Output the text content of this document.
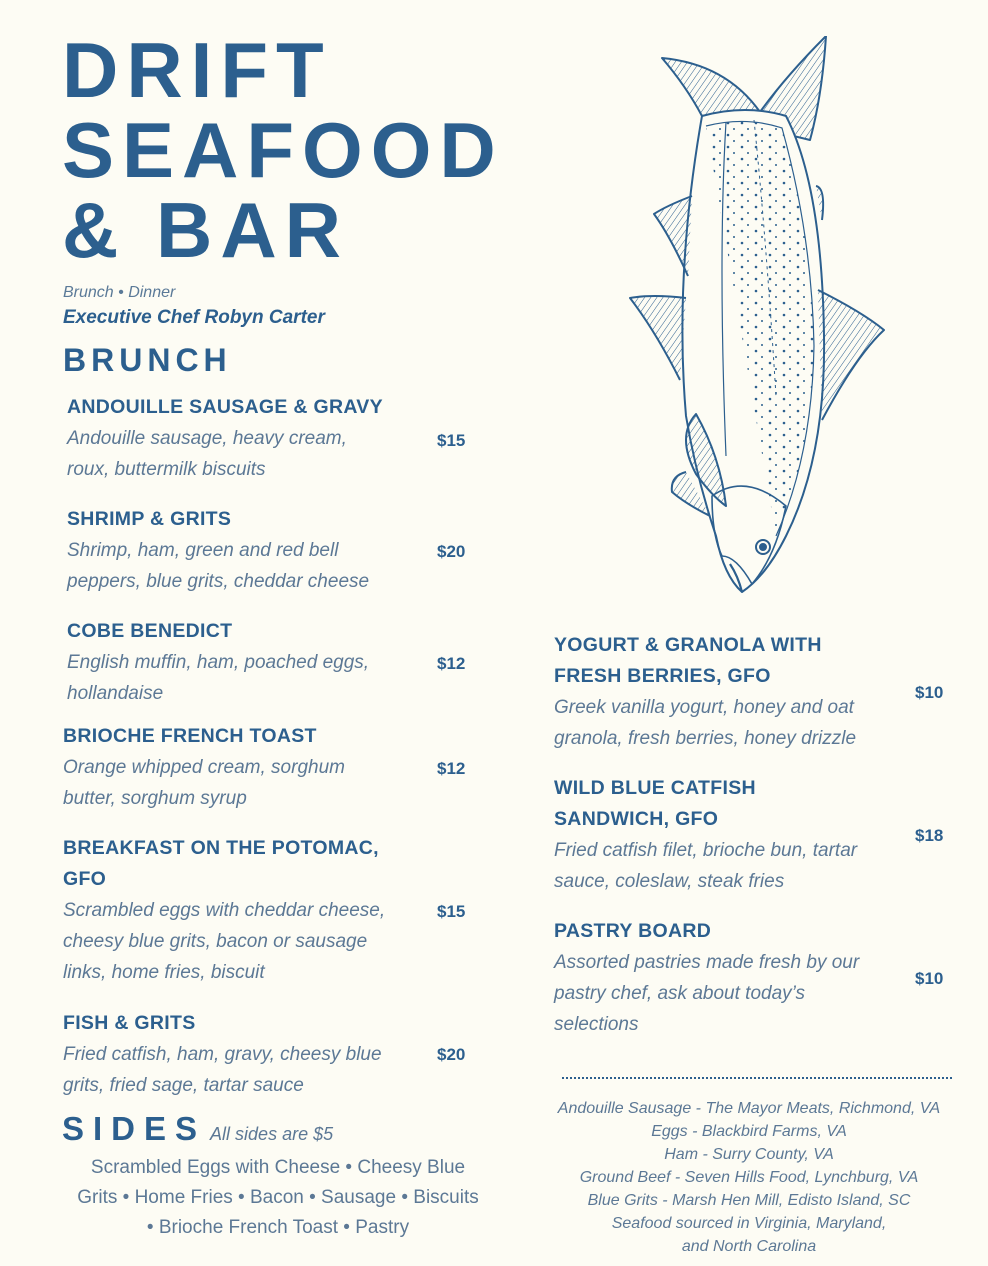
DRIFT
SEAFOOD
& BAR
Brunch • Dinner
Executive Chef Robyn Carter
BRUNCH
ANDOUILLE SAUSAGE & GRAVY
Andouille sausage, heavy cream,
roux, buttermilk biscuits
$15
SHRIMP & GRITS
Shrimp, ham, green and red bell
peppers, blue grits, cheddar cheese
$20
COBE BENEDICT
English muffin, ham, poached eggs,
hollandaise
$12
BRIOCHE FRENCH TOAST
Orange whipped cream, sorghum
butter, sorghum syrup
$12
BREAKFAST ON THE POTOMAC,
GFO
Scrambled eggs with cheddar cheese,
cheesy blue grits, bacon or sausage
links, home fries, biscuit
$15
FISH & GRITS
Fried catfish, ham, gravy, cheesy blue
grits, fried sage, tartar sauce
$20
YOGURT & GRANOLA WITH
FRESH BERRIES, GFO
Greek vanilla yogurt, honey and oat
granola, fresh berries, honey drizzle
$10
WILD BLUE CATFISH
SANDWICH, GFO
Fried catfish filet, brioche bun, tartar
sauce, coleslaw, steak fries
$18
PASTRY BOARD
Assorted pastries made fresh by our
pastry chef, ask about today’s
selections
$10
SIDES All sides are $5
Scrambled Eggs with Cheese • Cheesy Blue
Grits • Home Fries • Bacon • Sausage • Biscuits
• Brioche French Toast • Pastry
Andouille Sausage - The Mayor Meats, Richmond, VA
Eggs - Blackbird Farms, VA
Ham - Surry County, VA
Ground Beef - Seven Hills Food, Lynchburg, VA
Blue Grits - Marsh Hen Mill, Edisto Island, SC
Seafood sourced in Virginia, Maryland,
and North Carolina
